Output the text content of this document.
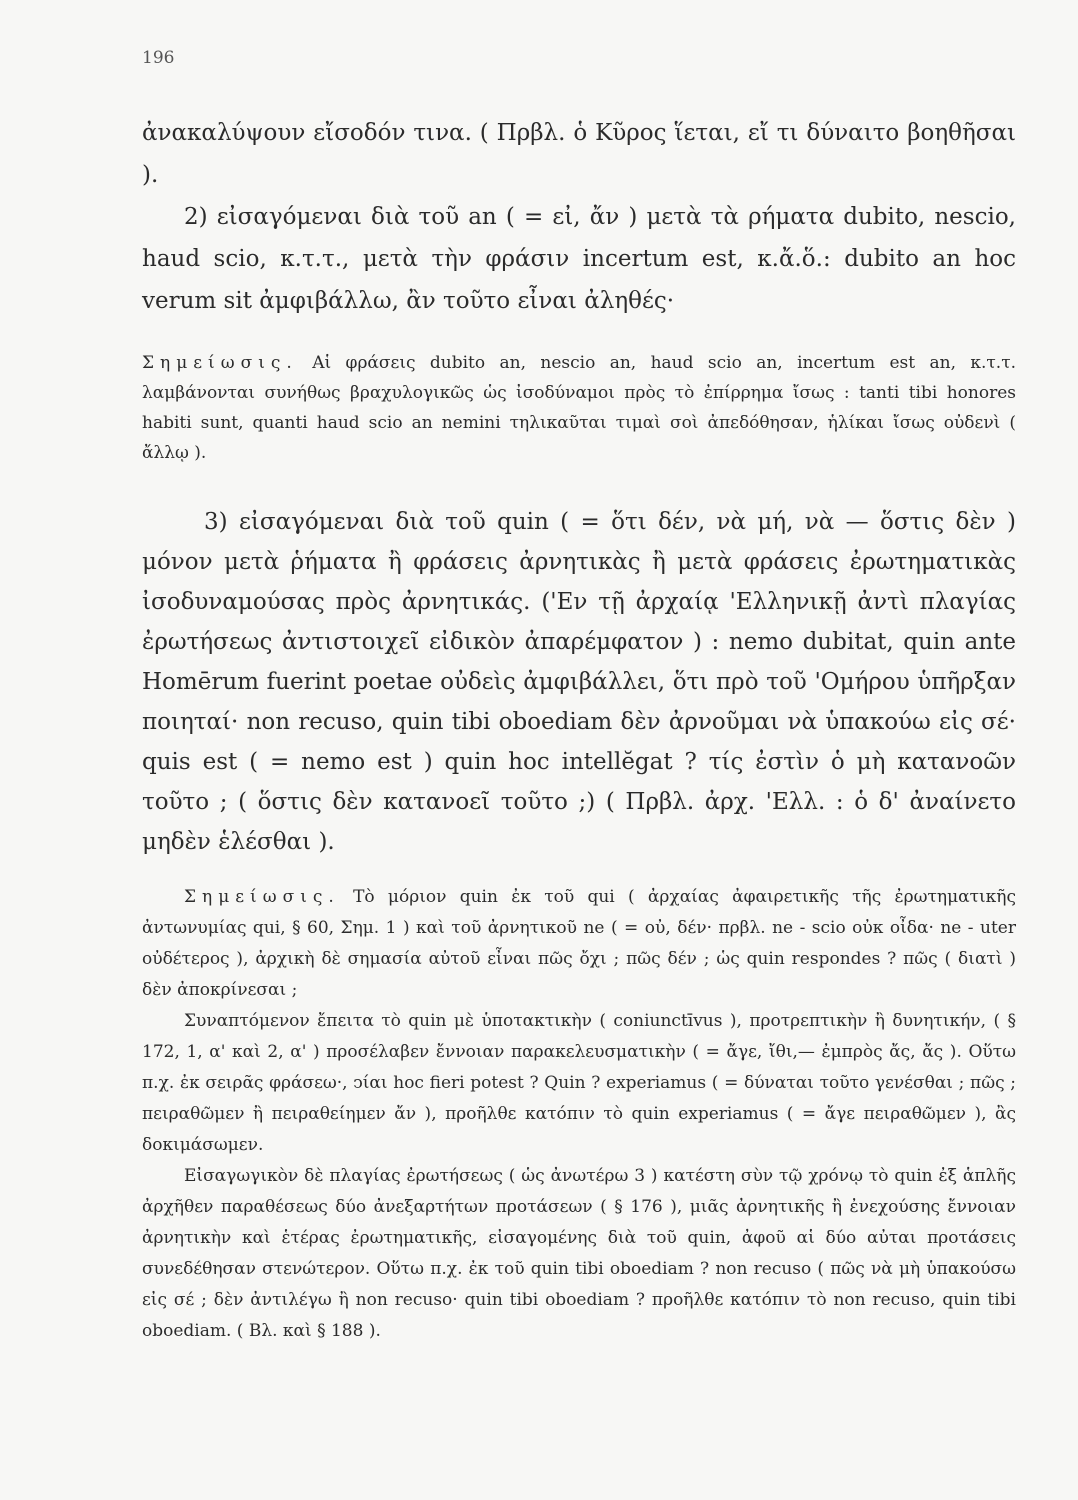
196

ἀνακαλύψουν εἴσοδόν τινα. ( Πρβλ. ὁ Κῦρος ἵεται, εἴ τι δύναιτο βοηθῆσαι ).

2) εἰσαγόμεναι διὰ τοῦ an ( = εἰ, ἄν ) μετὰ τὰ ρήματα dubito, nescio, haud scio, κ.τ.τ., μετὰ τὴν φράσιν incertum est, κ.ἄ.ὅ.: dubito an hoc verum sit ἀμφιβάλλω, ἂν τοῦτο εἶναι ἀληθές·

Σημείωσις. Αἱ φράσεις dubito an, nescio an, haud scio an, incertum est an, κ.τ.τ. λαμβάνονται συνήθως βραχυλογικῶς ὡς ἰσοδύναμοι πρὸς τὸ ἐπίρρημα ἴσως : tanti tibi honores habiti sunt, quanti haud scio an nemini τηλικαῦται τιμαὶ σοὶ ἀπεδόθησαν, ἡλίκαι ἴσως οὐδενὶ ( ἄλλῳ ).

3) εἰσαγόμεναι διὰ τοῦ quin ( = ὅτι δέν, νὰ μή, νὰ — ὅστις δὲν ) μόνον μετὰ ῥήματα ἢ φράσεις ἀρνητικὰς ἢ μετὰ φράσεις ἐρωτηματικὰς ἰσοδυναμούσας πρὸς ἀρνητικάς. ('Εν τῇ ἀρχαίᾳ 'Ελληνικῇ ἀντὶ πλαγίας ἐρωτήσεως ἀντιστοιχεῖ εἰδικὸν ἀπαρέμφατον ) : nemo dubitat, quin ante Homērum fuerint poetae οὐδεὶς ἀμφιβάλλει, ὅτι πρὸ τοῦ 'Ομήρου ὑπῆρξαν ποιηταί· non recuso, quin tibi oboediam δὲν ἀρνοῦμαι νὰ ὑπακούω εἰς σέ· quis est ( = nemo est ) quin hoc intellĕgat ? τίς ἐστὶν ὁ μὴ κατανοῶν τοῦτο ; ( ὅστις δὲν κατανοεῖ τοῦτο ;) ( Πρβλ. ἀρχ. 'Ελλ. : ὁ δ' ἀναίνετο μηδὲν ἑλέσθαι ).

Σημείωσις. Τὸ μόριον quin ἐκ τοῦ qui ( ἀρχαίας ἀφαιρετικῆς τῆς ἐρωτηματικῆς ἀντωνυμίας qui, § 60, Σημ. 1 ) καὶ τοῦ ἀρνητικοῦ ne ( = οὐ, δέν· πρβλ. ne - scio οὐκ οἶδα· ne - uter οὐδέτερος ), ἀρχικὴ δὲ σημασία αὐτοῦ εἶναι πῶς ὄχι ; πῶς δέν ; ὡς quin respondes ? πῶς ( διατὶ ) δὲν ἀποκρίνεσαι ;

Συναπτόμενον ἔπειτα τὸ quin μὲ ὑποτακτικὴν ( coniunctīvus ), προτρεπτικὴν ἢ δυνητικήν, ( § 172, 1, α' καὶ 2, α' ) προσέλαβεν ἔννοιαν παρακελευσματικὴν ( = ἄγε, ἴθι,— ἐμπρὸς ἄς, ἄς ). Οὕτω π.χ. ἐκ σειρᾶς φράσεω·, ͻίαι hoc fieri potest ? Quin ? experiamus ( = δύναται τοῦτο γενέσθαι ; πῶς ; πειραθῶμεν ἢ πειραθείημεν ἄν ), προῆλθε κατόπιν τὸ quin experiamus ( = ἄγε πειραθῶμεν ), ἂς δοκιμάσωμεν.

Εἰσαγωγικὸν δὲ πλαγίας ἐρωτήσεως ( ὡς ἀνωτέρω 3 ) κατέστη σὺν τῷ χρόνῳ τὸ quin ἐξ ἁπλῆς ἀρχῆθεν παραθέσεως δύο ἀνεξαρτήτων προτάσεων ( § 176 ), μιᾶς ἀρνητικῆς ἢ ἐνεχούσης ἔννοιαν ἀρνητικὴν καὶ ἑτέρας ἐρωτηματικῆς, εἰσαγομένης διὰ τοῦ quin, ἀφοῦ αἱ δύο αὐται προτάσεις συνεδέθησαν στενώτερον. Οὕτω π.χ. ἐκ τοῦ quin tibi oboediam ? non recuso ( πῶς νὰ μὴ ὑπακούσω εἰς σέ ; δὲν ἀντιλέγω ἢ non recuso· quin tibi oboediam ? προῆλθε κατόπιν τὸ non recuso, quin tibi oboediam. ( Βλ. καὶ § 188 ).
